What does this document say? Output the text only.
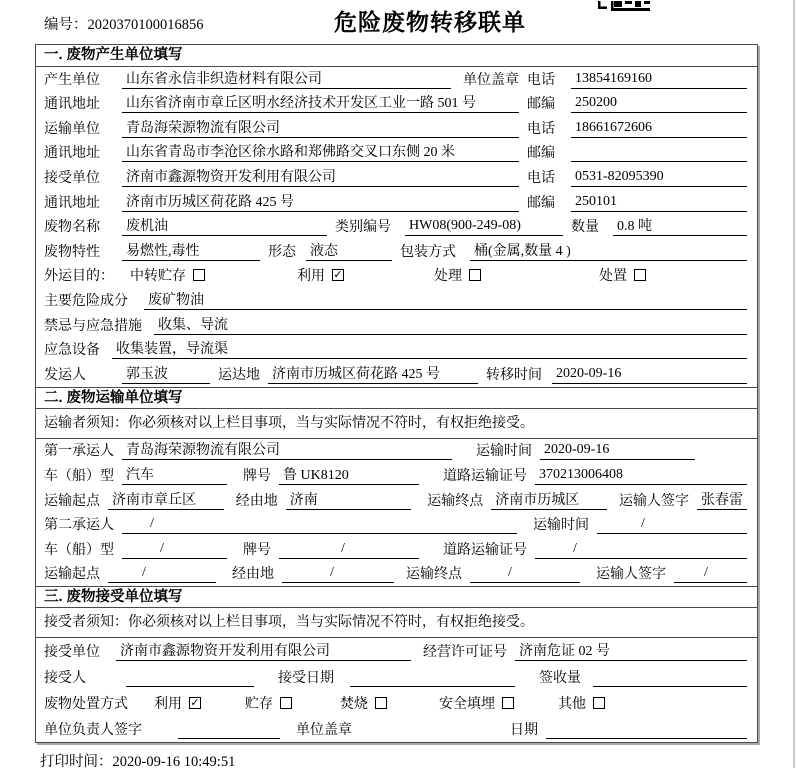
编号：2020370100016856	危险废物转移联单
一. 废物产生单位填写
产生单位	山东省永信非织造材料有限公司	单位盖章 电话	13854169160
通讯地址	山东省济南市章丘区明水经济技术开发区工业一路 501 号	邮编	250200
运输单位	青岛海荣源物流有限公司	电话	18661672606
通讯地址	山东省青岛市李沧区徐水路和郑佛路交叉口东侧 20 米	邮编
接受单位	济南市鑫源物资开发利用有限公司	电话	0531-82095390
通讯地址	济南市历城区荷花路 425 号	邮编	250101
废物名称	废机油	类别编号	HW08(900-249-08)	数量	0.8 吨
废物特性	易燃性,毒性	形态 液态	包装方式	桶(金属,数量 4 )
外运目的： 中转贮存	利用 ✓	处理	处置
主要危险成分 废矿物油
禁忌与应急措施 收集、导流
应急设备 收集装置，导流渠
发运人	郭玉波	运达地 济南市历城区荷花路 425 号	转移时间 2020-09-16
二. 废物运输单位填写
运输者须知：你必须核对以上栏目事项，当与实际情况不符时，有权拒绝接受。
第一承运人 青岛海荣源物流有限公司	运输时间 2020-09-16
车（船）型 汽车	牌号 鲁 UK8120	道路运输证号 370213006408
运输起点 济南市章丘区	经由地 济南	运输终点 济南市历城区	运输人签字 张春雷
第二承运人	/	运输时间	/
车（船）型	/	牌号	/	道路运输证号	/
运输起点	/	经由地	/	运输终点	/	运输人签字	/
三. 废物接受单位填写
接受者须知：你必须核对以上栏目事项，当与实际情况不符时，有权拒绝接受。
接受单位 济南市鑫源物资开发利用有限公司	经营许可证号 济南危证 02 号
接受人	接受日期	签收量
废物处置方式 利用 ✓	贮存	焚烧	安全填埋	其他
单位负责人签字	单位盖章	日期
打印时间：2020-09-16 10:49:51
